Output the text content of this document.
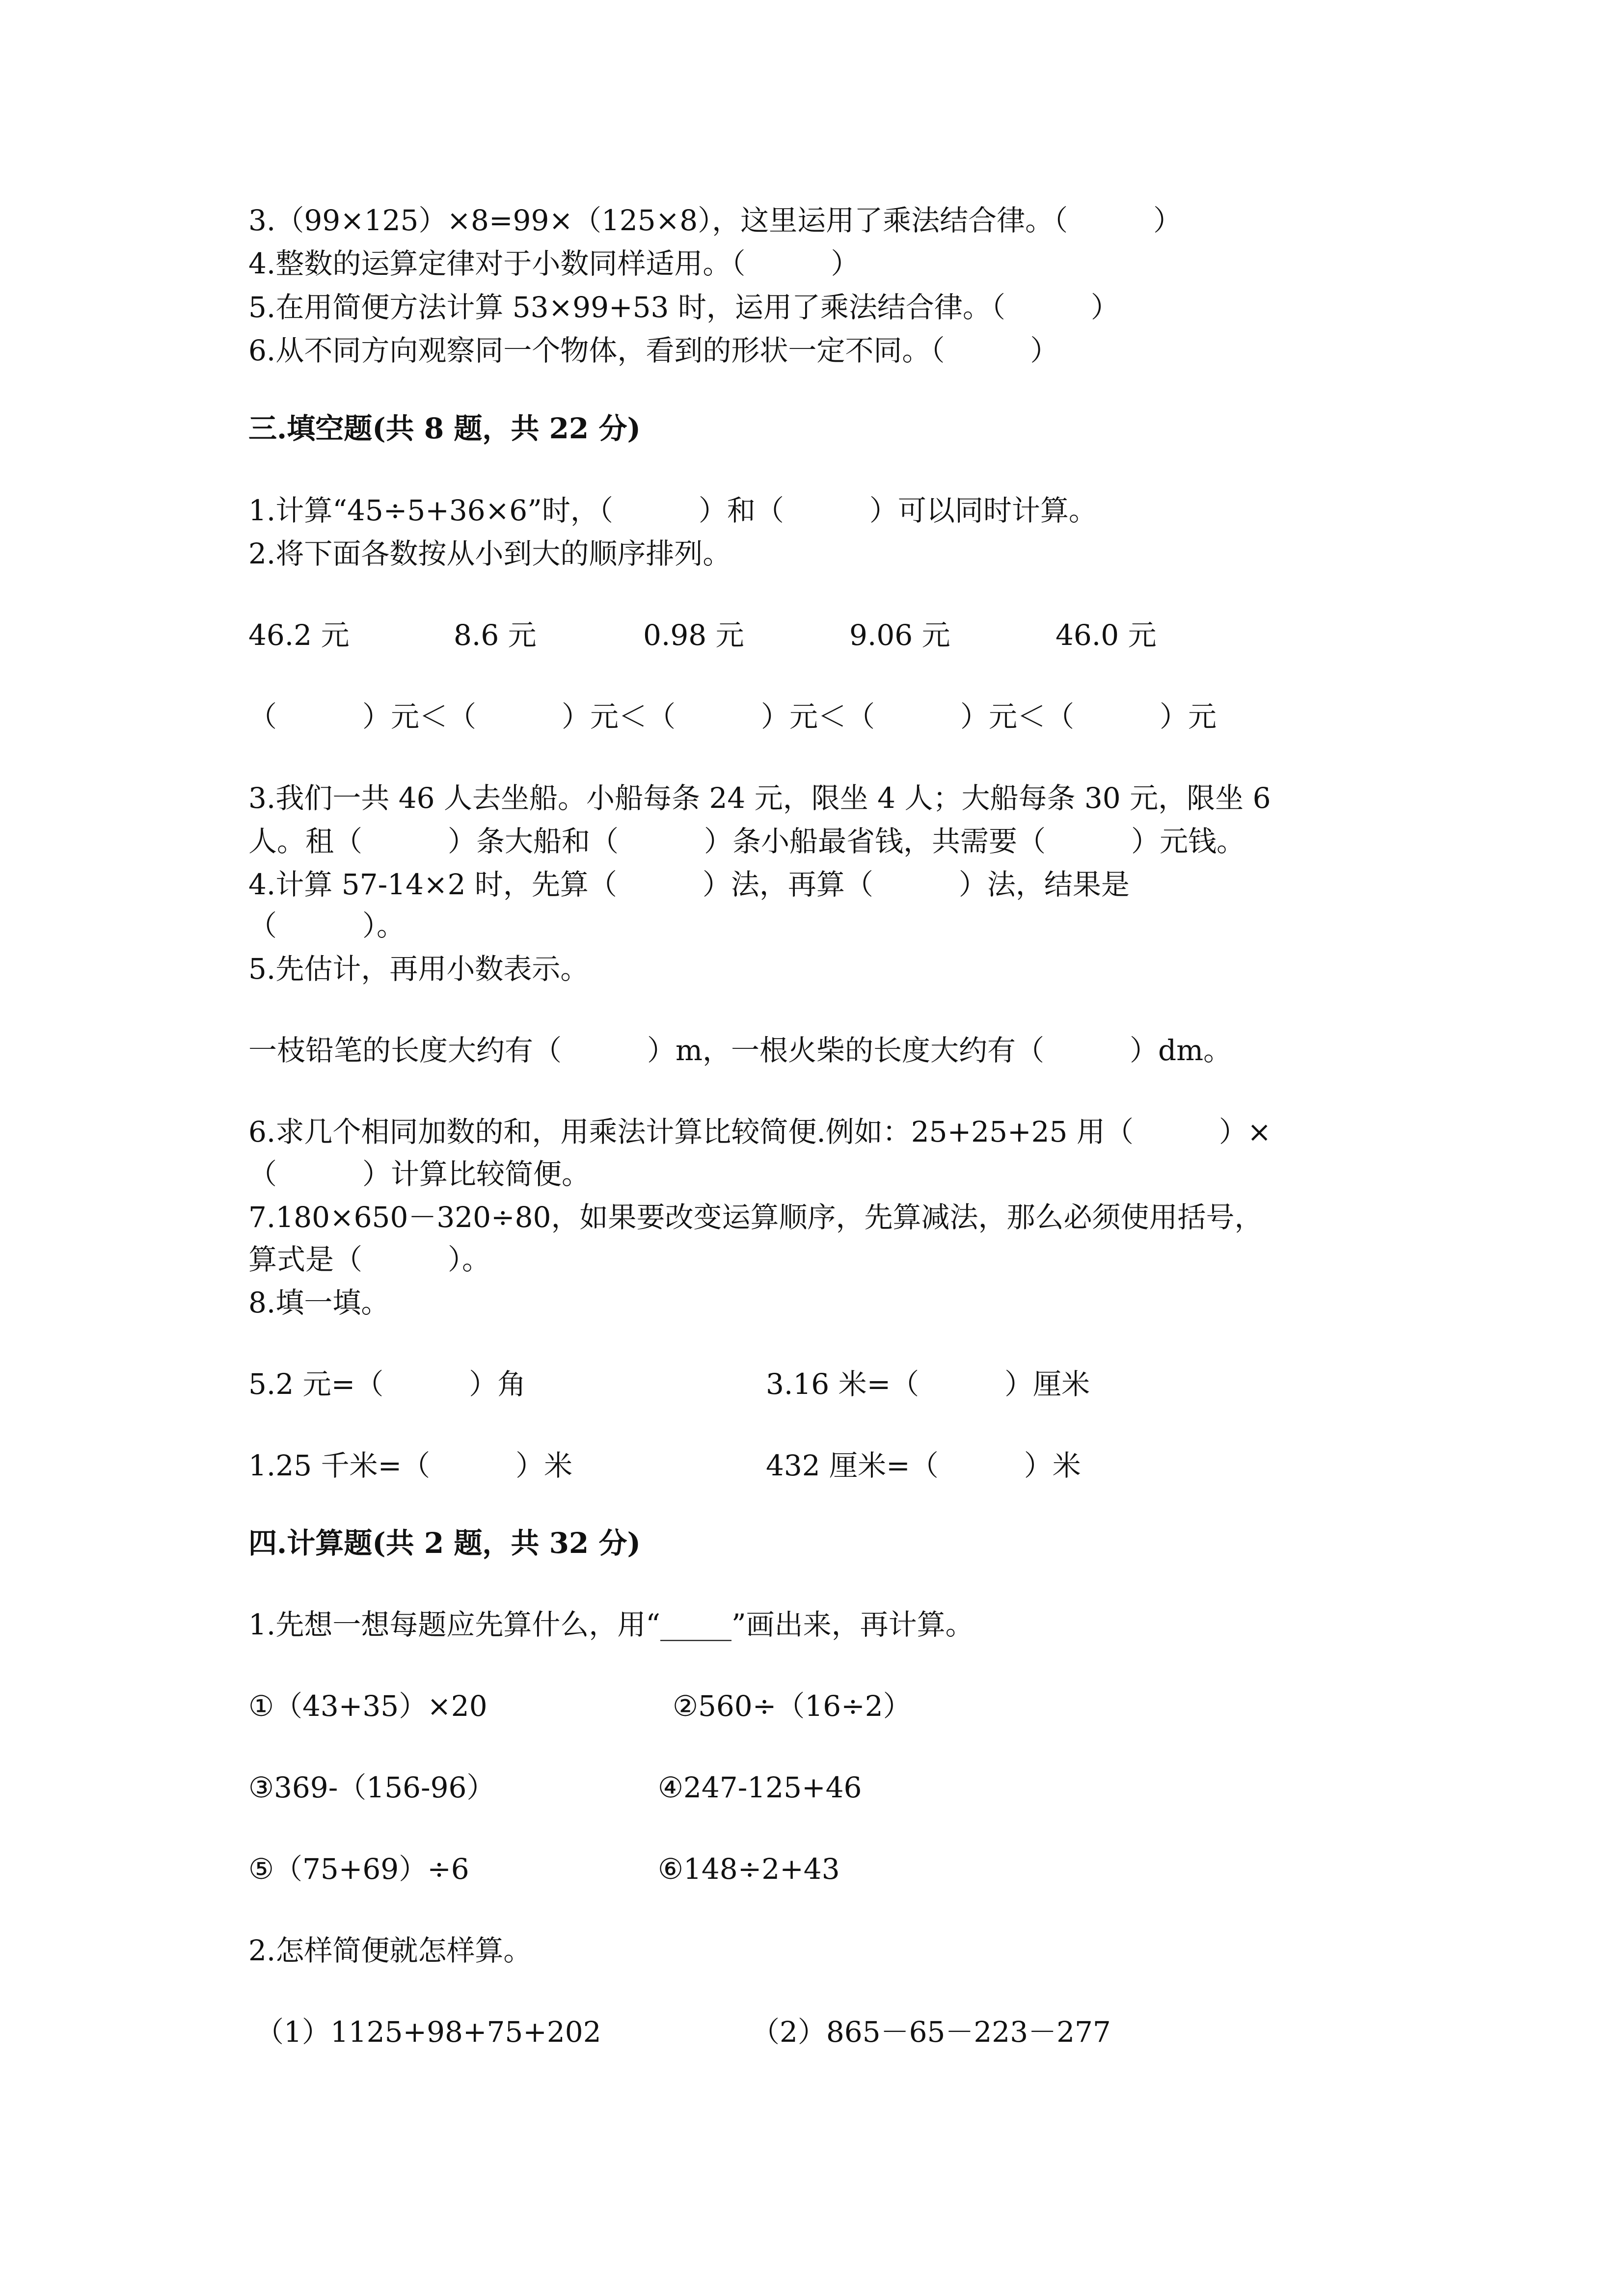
3.（99×125）×8=99×（125×8），这里运用了乘法结合律。（　　　）
4.整数的运算定律对于小数同样适用。（　　　）
5.在用简便方法计算 53×99+53 时，运用了乘法结合律。（　　　）
6.从不同方向观察同一个物体，看到的形状一定不同。（　　　）
三.填空题(共 8 题，共 22 分)
1.计算“45÷5+36×6”时，（　　　）和（　　　）可以同时计算。
2.将下面各数按从小到大的顺序排列。
46.2 元	8.6 元	0.98 元	9.06 元	46.0 元
（　　　）元＜（　　　）元＜（　　　）元＜（　　　）元＜（　　　）元
3.我们一共 46 人去坐船。小船每条 24 元，限坐 4 人；大船每条 30 元，限坐 6
人。租（　　　）条大船和（　　　）条小船最省钱，共需要（　　　）元钱。
4.计算 57-14×2 时，先算（　　　）法，再算（　　　）法，结果是
（　　　）。
5.先估计，再用小数表示。
一枝铅笔的长度大约有（　　　）m，一根火柴的长度大约有（　　　）dm。
6.求几个相同加数的和，用乘法计算比较简便.例如：25+25+25 用（　　　）×
（　　　）计算比较简便。
7.180×650－320÷80，如果要改变运算顺序，先算减法，那么必须使用括号，
算式是（　　　）。
8.填一填。
5.2 元=（　　　）角	3.16 米=（　　　）厘米
1.25 千米=（　　　）米	432 厘米=（　　　）米
四.计算题(共 2 题，共 32 分)
1.先想一想每题应先算什么，用“_____”画出来，再计算。
①（43+35）×20	②560÷（16÷2）
③369-（156-96）	④247-125+46
⑤（75+69）÷6	⑥148÷2+43
2.怎样简便就怎样算。
（1）1125+98+75+202	（2）865－65－223－277
